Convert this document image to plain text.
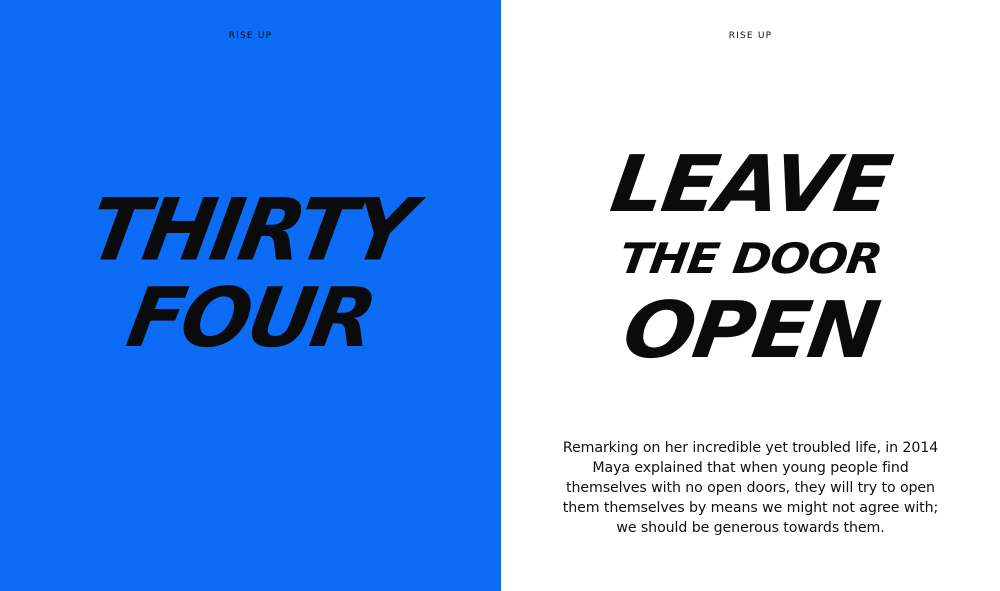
RISE UP
THIRTY
FOUR
RISE UP
LEAVE
THE DOOR
OPEN
Remarking on her incredible yet troubled life, in 2014 Maya explained that when young people find themselves with no open doors, they will try to open them themselves by means we might not agree with; we should be generous towards them.
